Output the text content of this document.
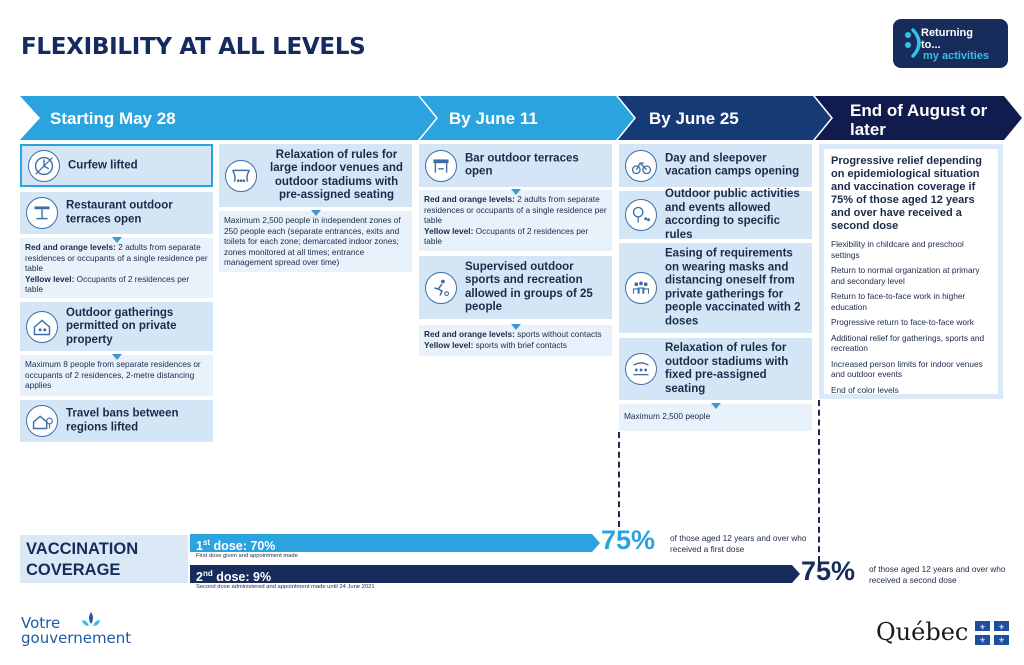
FLEXIBILITY AT ALL LEVELS
Returning
to...
my activities
Starting May 28	By June 11	By June 25	End of August or later
Curfew lifted
Restaurant outdoor terraces open
Red and orange levels: 2 adults from separate residences or occupants of a single residence per table
Yellow level: Occupants of 2 residences per table
Outdoor gatherings permitted on private property
Maximum 8 people from separate residences or occupants of 2 residences, 2-metre distancing applies
Travel bans between regions lifted
Relaxation of rules for large indoor venues and outdoor stadiums with pre-assigned seating
Maximum 2,500 people in independent zones of 250 people each (separate entrances, exits and toilets for each zone; demarcated indoor zones; zones monitored at all times; entrance management spread over time)
Bar outdoor terraces open
Red and orange levels: 2 adults from separate residences or occupants of a single residence per table
Yellow level: Occupants of 2 residences per table
Supervised outdoor sports and recreation allowed in groups of 25 people
Red and orange levels: sports without contacts
Yellow level: sports with brief contacts
Day and sleepover vacation camps opening
Outdoor public activities and events allowed according to specific rules
Easing of requirements on wearing masks and distancing oneself from private gatherings for people vaccinated with 2 doses
Relaxation of rules for outdoor stadiums with fixed pre-assigned seating
Maximum 2,500 people
Progressive relief depending on epidemiological situation and vaccination coverage if 75% of those aged 12 years and over have received a second dose
Flexibility in childcare and preschool settings
Return to normal organization at primary and secondary level
Return to face-to-face work in higher education
Progressive return to face-to-face work
Additional relief for gatherings, sports and recreation
Increased person limits for indoor venues and outdoor events
End of color levels
VACCINATION
COVERAGE
1st dose: 70%
First dose given and appointment made
75% of those aged 12 years and over who received a first dose
2nd dose: 9%
Second dose administered and appointment made until 24 June 2021
75% of those aged 12 years and over who received a second dose
Votre
gouvernement	Québec ⚜ ⚜
⚜ ⚜
